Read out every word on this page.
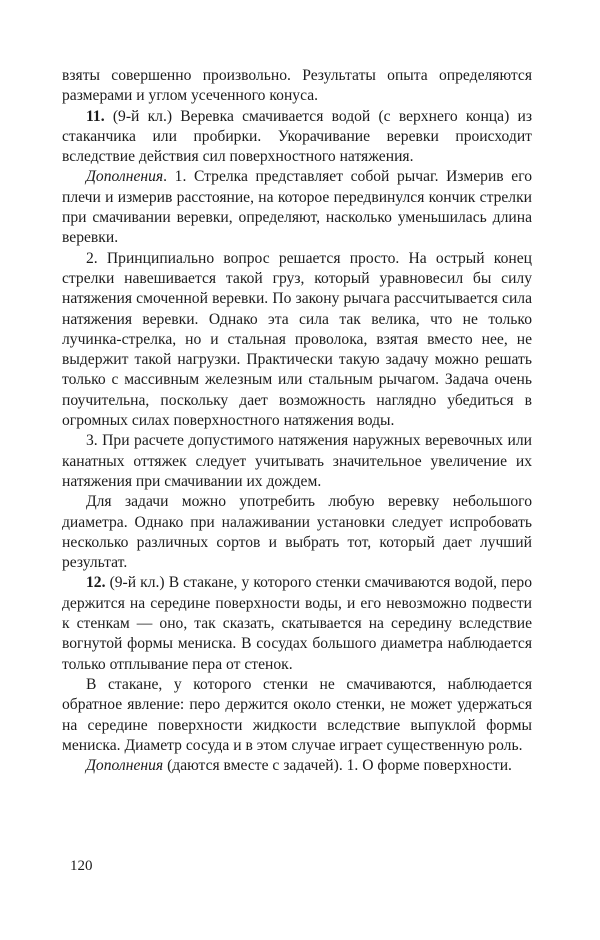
взяты совершенно произвольно. Результаты опыта определяются размерами и углом усеченного конуса.

11. (9-й кл.) Веревка смачивается водой (с верхнего конца) из стаканчика или пробирки. Укорачивание веревки происходит вследствие действия сил поверхностного натяжения.

Дополнения. 1. Стрелка представляет собой рычаг. Измерив его плечи и измерив расстояние, на которое передвинулся кончик стрелки при смачивании веревки, определяют, насколько уменьшилась длина веревки.

2. Принципиально вопрос решается просто. На острый конец стрелки навешивается такой груз, который уравновесил бы силу натяжения смоченной веревки. По закону рычага рассчитывается сила натяжения веревки. Однако эта сила так велика, что не только лучинка-стрелка, но и стальная проволока, взятая вместо нее, не выдержит такой нагрузки. Практически такую задачу можно решать только с массивным железным или стальным рычагом. Задача очень поучительна, поскольку дает возможность наглядно убедиться в огромных силах поверхностного натяжения воды.

3. При расчете допустимого натяжения наружных веревочных или канатных оттяжек следует учитывать значительное увеличение их натяжения при смачивании их дождем.

Для задачи можно употребить любую веревку небольшого диаметра. Однако при налаживании установки следует испробовать несколько различных сортов и выбрать тот, который дает лучший результат.

12. (9-й кл.) В стакане, у которого стенки смачиваются водой, перо держится на середине поверхности воды, и его невозможно подвести к стенкам — оно, так сказать, скатывается на середину вследствие вогнутой формы мениска. В сосудах большого диаметра наблюдается только отплывание пера от стенок.

В стакане, у которого стенки не смачиваются, наблюдается обратное явление: перо держится около стенки, не может удержаться на середине поверхности жидкости вследствие выпуклой формы мениска. Диаметр сосуда и в этом случае играет существенную роль.

Дополнения (даются вместе с задачей). 1. О форме поверхности.

120
